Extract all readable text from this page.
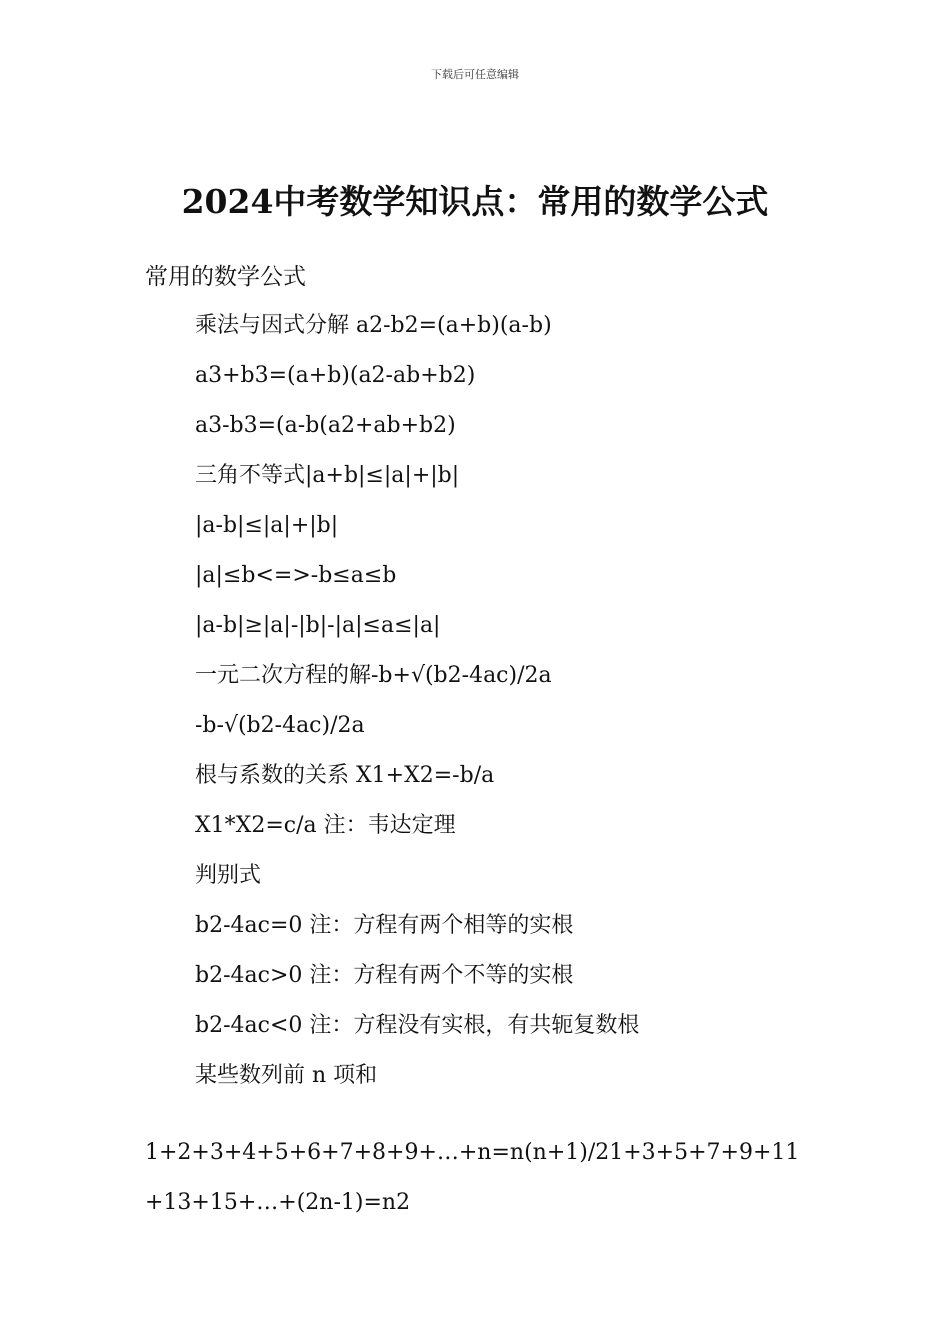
下载后可任意编辑
2024中考数学知识点：常用的数学公式

常用的数学公式

乘法与因式分解 a2-b2=(a+b)(a-b)
a3+b3=(a+b)(a2-ab+b2)
a3-b3=(a-b(a2+ab+b2)
三角不等式|a+b|≤|a|+|b|
|a-b|≤|a|+|b|
|a|≤b<=>-b≤a≤b
|a-b|≥|a|-|b|-|a|≤a≤|a|
一元二次方程的解-b+√(b2-4ac)/2a
-b-√(b2-4ac)/2a
根与系数的关系 X1+X2=-b/a
X1*X2=c/a 注：韦达定理
判别式
b2-4ac=0 注：方程有两个相等的实根
b2-4ac>0 注：方程有两个不等的实根
b2-4ac<0 注：方程没有实根，有共轭复数根
某些数列前 n 项和

1+2+3+4+5+6+7+8+9+…+n=n(n+1)/21+3+5+7+9+11+13+15+…+(2n-1)=n2
